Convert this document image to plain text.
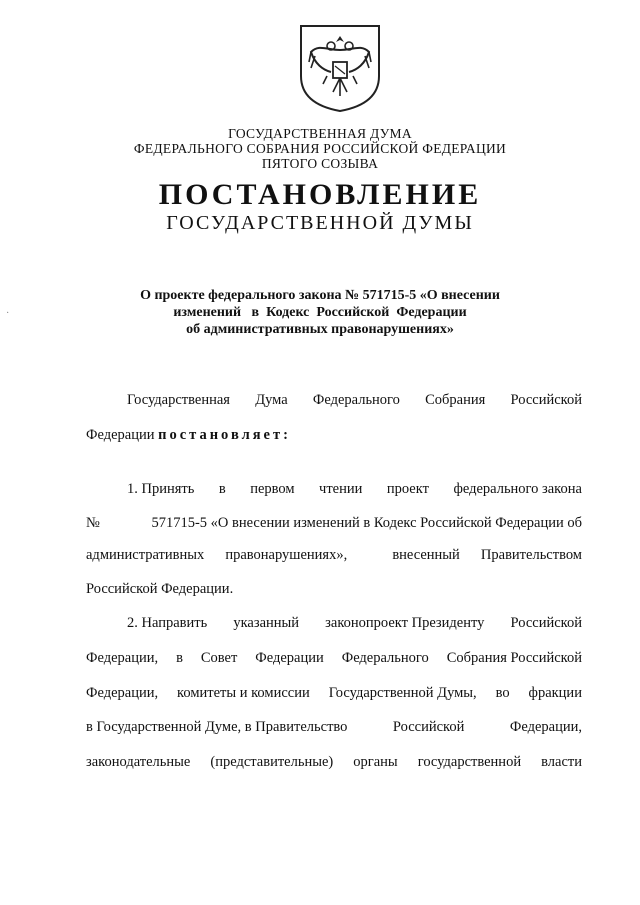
ГОСУДАРСТВЕННАЯ ДУМА
ФЕДЕРАЛЬНОГО СОБРАНИЯ РОССИЙСКОЙ ФЕДЕРАЦИИ
ПЯТОГО СОЗЫВА
ПОСТАНОВЛЕНИЕ
ГОСУДАРСТВЕННОЙ ДУМЫ
О проекте федерального закона № 571715-5 «О внесении
изменений   в  Кодекс  Российской  Федерации
об административных правонарушениях»
·
Государственная Дума Федерального Собрания Российской
Федерации постановляет:
1. Принять в первом чтении проект федерального закона
№	571715-5 «О внесении изменений в Кодекс Российской Федерации об
административных правонарушениях»,	внесенный Правительством
Российской Федерации.
2. Направить указанный законопроект Президенту Российской
Федерации, в Совет Федерации Федерального Собрания Российской
Федерации, комитеты и комиссии Государственной Думы, во фракции
в Государственной Думе, в Правительство	Российской	Федерации,
законодательные (представительные) органы государственной власти
